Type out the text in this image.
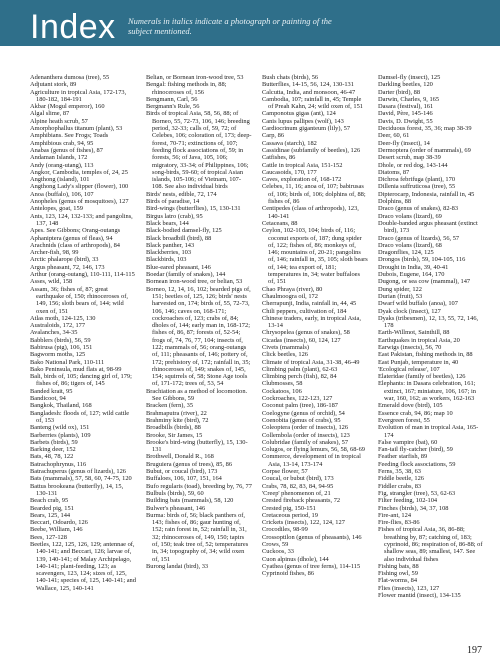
Index Numerals in italics indicate a photograph or painting of the subject mentioned.

Adenanthera dumosa (tree), 55

Adjutant stork, 89

Agriculture in tropical Asia, 172-173, 180-182, 184-191

Akbar (Mogul emperor), 160

Algal slime, 87

Alpine heath scrub, 57

Amorphophallus titanum (plant), 53

Amphibians. See Frogs; Toads

Amphibious crab, 94, 95

Anabas (genus of fishes), 87

Andaman Islands, 172

Andy (orang-utang), 113

Angkor, Cambodia, temples of, 24, 25

Angthong (island), 101

Angthong Lady's slipper (flower), 100

Anoa (buffalo), 106, 107

Anopheles (genus of mosquitoes), 127

Antelopes, goat, 159

Ants, 123, 124, 132-133; and pangolins, 137, 148

Apes. See Gibbons; Orang-outangs

Aphaniptera (genus of fleas), 94

Arachnids (class of arthropods), 84

Archer-fish, 98, 99

Arctic phalarope (bird), 33

Argus pheasant, 72, 146, 173

Arthur (orang-outang), 110-111, 114-115

Asses, wild, 158

Assam, 36; fishes of, 87; great earthquake of, 150; rhinoceroses of, 149, 156; sloth bears of, 144; wild oxen of, 151

Atlas moth, 124-125, 130

Australoids, 172, 177

Avalanches, 34-35

Babblers (birds), 56, 59

Babirusa (pig), 106, 151

Bagworm moths, 125

Bako National Park, 110-111

Bako Peninsula, mud flats at, 98-99

Bali, birds of, 105; dancing girl of, 179; fishes of, 86; tigers of, 145

Banded krait, 95

Bandicoot, 94

Bangkok, Thailand, 168

Bangladesh: floods of, 127; wild cattle of, 153

Banteng (wild ox), 151

Barberries (plants), 109

Barbets (birds), 59

Barking deer, 152

Bats, 48, 78, 122

Batrachophrynus, 116

Batrachuperus (genus of lizards), 126

Bats (mammals), 57, 58, 60, 74-75, 120

Battus brookeana (butterfly), 14, 15, 130-131

Beach crab, 95

Bearded pig, 151

Bears, 125, 144

Beccari, Odoardo, 126

Beebe, William, 146

Bees, 127-128

Beetles, 122, 125, 126, 129; antennae of, 140-141; and Beccari, 126; larvae of, 139, 140-141; of Malay Archipelago, 140-141; plant-feeding, 123; as scavengers, 123, 124; sizes of, 125, 140-141; species of, 125, 140-141; and Wallace, 125, 140-141

Belian, or Bornean iron-wood tree, 53

Bengal: fishing methods in, 88; rhinoceroses of, 156

Bengmann, Carl, 56

Bergmann's Rule, 56

Birds of tropical Asia, 58, 56, 88; of Borneo, 55, 72-73, 106, 146; breeding period, 32-33; calls of, 59, 72; of Celebes, 106; coloration of, 173; deep-forest, 70-71; extinctions of, 107; feeding flock associations of, 59; in forests, 56; of Java, 105, 106; migratory, 33-34; of Philippines, 106; song-birds, 59-60; of tropical Asian islands, 105-106; of Vietnam, 107-108. See also individual birds

Birds' nests, edible, 72, 174

Birds of paradise, 14

Bird-wings (butterflies), 15, 130-131

Birgus latro (crab), 95

Black bears, 144

Black-bodied damsel-fly, 125

Black broadbill (bird), 88

Black panther, 143

Blackberries, 103

Blackbirds, 103

Blue-eared pheasant, 146

Boedar (family of snakes), 144

Bornean iron-wood tree, or belian, 53

Borneo, 12, 14, 16, 102; bearded pigs of, 151; beetles of, 125, 126; birds' nests harvested on, 174; birds of, 55, 72-73, 106, 146; caves on, 168-171; cockroaches of, 123; crabs of, 84; dholes of, 144; early man in, 168-172; fishes of, 86, 87; forests of, 52-54; frogs of, 74, 76, 77, 104; insects of, 122; mammals of, 56; orang-outangs of, 111; pheasants of, 146; pottery of, 172; prehistory of, 172; rainfall in, 35; rhinoceroses of, 149; snakes of, 145, 154; squirrels of, 58; Stone Age tools of, 171-172; trees of, 53, 54

Brachiation as a method of locomotion. See Gibbons, 59

Bracken (fern), 35

Brahmaputra (river), 22

Brahminy kite (bird), 72

Broadbills (birds), 88

Brooke, Sir James, 15

Brooke's bird-wing (butterfly), 15, 130-131

Brothwell, Donald R., 168

Bruguiera (genus of trees), 85, 86

Bubut, or coucal (bird), 173

Buffaloes, 106, 107, 151, 164

Bufo regularis (toad), breeding by, 76, 77

Bulbuls (birds), 59, 60

Building bats (mammals), 58, 120

Bulwer's pheasant, 146

Burma: birds of, 56; black panthers of, 143; fishes of, 86; gaur hunting of, 152; rain forest in, 52; rainfall in, 31, 32; rhinoceroses of, 149, 150; tapirs of, 150; teak tree of, 52; temperatures in, 34; topography of, 34; wild oxen of, 151

Burong landai (bird), 33

Bush chats (birds), 56

Butterflies, 14-15, 56, 124, 130-131

Calcutta, India, and monsoon, 46-47

Cambodia, 107; rainfall in, 45; Temple of Preah Kahn, 24; wild oxen of, 151

Camponotus gigas (ant), 124

Canis lupus pallipes (wolf), 143

Cardiocrinum giganteum (lily), 57

Carp, 86

Cassava (starch), 182

Cassidinae (subfamily of beetles), 126

Catfishes, 86

Cattle in tropical Asia, 151-152

Caucasoids, 170, 177

Caves, exploration of, 168-172

Celebes, 11, 16; anoa of, 107; babirusas of, 106; birds of, 106; dolphins of, 88; fishes of, 86

Centipedes (class of arthropods), 123, 140-141

Cetaceans, 88

Ceylon, 102-103, 104; birds of, 116; coconut exports of, 187; dung spider of, 122; fishes of, 86; monkeys of, 146; mountains of, 20-21; pangolins of, 146; rainfall in, 35, 105; sloth bears of, 144; tea export of, 181; temperatures in, 34; water buffaloes of, 151

Chao Phraya (river), 80

Chaulmoogra oil, 172

Cherrapunji, India, rainfall in, 44, 45

Chili peppers, cultivation of, 184

Chinese traders, early, in tropical Asia, 13-14

Chrysopelea (genus of snakes), 58

Cicadas (insects), 60, 124, 127

Civets (mammals)

Click beetles, 126

Climate of tropical Asia, 31-38, 46-49

Climbing palm (plant), 62-63

Climbing perch (fish), 82, 84

Clubmosses, 58

Cockatoos, 106

Cockroaches, 122-123, 127

Coconut palm (tree), 186-187

Coelogyne (genus of orchid), 54

Coenobita (genus of crabs), 95

Coleoptera (order of insects), 126

Collembola (order of insects), 123

Colubridae (family of snakes), 57

Colugos, or flying lemurs, 56, 58, 68-69

Commerce, development of in tropical Asia, 13-14, 173-174

Corpse flower, 57

Coucal, or bubut (bird), 173

Crabs, 78, 82, 83, 84, 94-95

'Creep' phenomenon of, 21

Crested fireback pheasants, 72

Crested pig, 150-151

Cretaceous period, 19

Crickets (insects), 122, 124, 127

Crocodiles, 98-99

Crossoptilon (genus of pheasants), 146

Crows, 59

Cuckoos, 33

Cuon alpinus (dhole), 144

Cyathea (genus of tree ferns), 114-115

Cyprinoid fishes, 86

Damsel-fly (insect), 125

Darkling beetles, 120

Darter (bird), 88

Darwin, Charles, 9, 165

Dasara (festival), 161

David, Père, 145-146

Davis, D. Dwight, 55

Deciduous forest, 35, 36; map 38-39

Deer, 60, 61

Deer-fly (insect), 14

Dermoptera (order of mammals), 69

Desert scrub, map 38-39

Dhole, or red dog, 143-144

Diatoms, 87

Dichroa febrifuga (plant), 170

Dillenia suffruticosa (tree), 55

Dipterocarp, Indonesia, rainfall in, 45

Dolphins, 88

Draco (genus of snakes), 82-83

Draco volans (lizard), 69

Double-banded argus pheasant (extinct bird), 173

Draco (genus of lizards), 56, 57

Draco volans (lizard), 68

Dragonflies, 124, 125

Drongos (birds), 59, 104-105, 116

Drought in India, 39, 40-41

Dubois, Eugene, 164, 170

Dugong, or sea cow (mammal), 147

Dung spider, 122

Durian (fruit), 53

Dwarf wild buffalo (anoa), 107

Dyak clock (insect), 127

Dyaks (tribesmen), 12, 13, 55, 72, 146, 178

Earth-Willmot, Sainthill, 88

Earthquakes in tropical Asia, 20

Earwigs (insects), 56, 70

East Pakistan, fishing methods in, 88

East Punjab, temperature in, 40

'Ecological release', 107

Elateridae (family of beetles), 126

Elephants: in Dasara celebration, 161; extinct, 167; miniature, 106, 167; in war, 160, 162; as workers, 162-163

Emerald dove (bird), 105

Essence crab, 94, 86; map 10

Evergreen forest, 55

Evolution of man in tropical Asia, 165-174

False vampire (bat), 60

Fan-tail fly-catcher (bird), 59

Feather starfish, 89

Feeding flock associations, 59

Ferns, 35, 38, 63

Fiddle beetle, 126

Fiddler crabs, 83

Fig, strangler (tree), 53, 62-63

Filter feeding, 102-104

Finches (birds), 34, 37, 108

Fire-ant, 124

Fire-flies, 83-86

Fishes of tropical Asia, 36, 86-88; breathing by, 87; catching of, 183; cyprinoid, 86; respiration of, 86-88; of shallow seas, 89; smallest, 147. See also individual fishes

Fishing bats, 88

Fishing owl, 59

Flat-worms, 84

Flies (insects), 123, 127

Flower mantid (insect), 134-135

197
